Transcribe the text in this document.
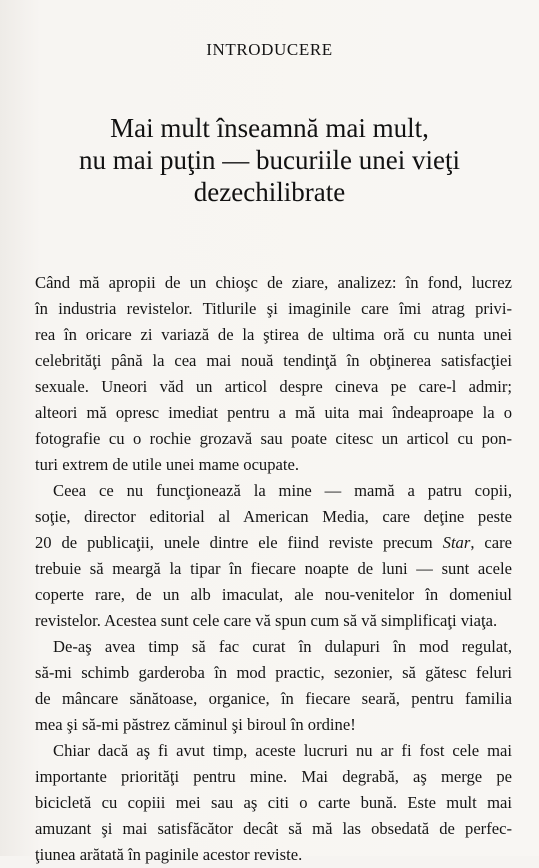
INTRODUCERE
Mai mult înseamnă mai mult,
nu mai puţin — bucuriile unei vieţi
dezechilibrate
Când mă apropii de un chioşc de ziare, analizez: în fond, lucrez
în industria revistelor. Titlurile şi imaginile care îmi atrag privi-
rea în oricare zi variază de la ştirea de ultima oră cu nunta unei
celebrităţi până la cea mai nouă tendinţă în obţinerea satisfacţiei
sexuale. Uneori văd un articol despre cineva pe care-l admir;
alteori mă opresc imediat pentru a mă uita mai îndeaproape la o
fotografie cu o rochie grozavă sau poate citesc un articol cu pon-
turi extrem de utile unei mame ocupate.
Ceea ce nu funcţionează la mine — mamă a patru copii,
soţie, director editorial al American Media, care deţine peste
20 de publicaţii, unele dintre ele fiind reviste precum Star, care
trebuie să meargă la tipar în fiecare noapte de luni — sunt acele
coperte rare, de un alb imaculat, ale nou-venitelor în domeniul
revistelor. Acestea sunt cele care vă spun cum să vă simplificaţi viaţa.
De-aş avea timp să fac curat în dulapuri în mod regulat,
să-mi schimb garderoba în mod practic, sezonier, să gătesc feluri
de mâncare sănătoase, organice, în fiecare seară, pentru familia
mea şi să-mi păstrez căminul şi biroul în ordine!
Chiar dacă aş fi avut timp, aceste lucruri nu ar fi fost cele mai
importante priorităţi pentru mine. Mai degrabă, aş merge pe
bicicletă cu copiii mei sau aş citi o carte bună. Este mult mai
amuzant şi mai satisfăcător decât să mă las obsedată de perfec-
ţiunea arătată în paginile acestor reviste.
